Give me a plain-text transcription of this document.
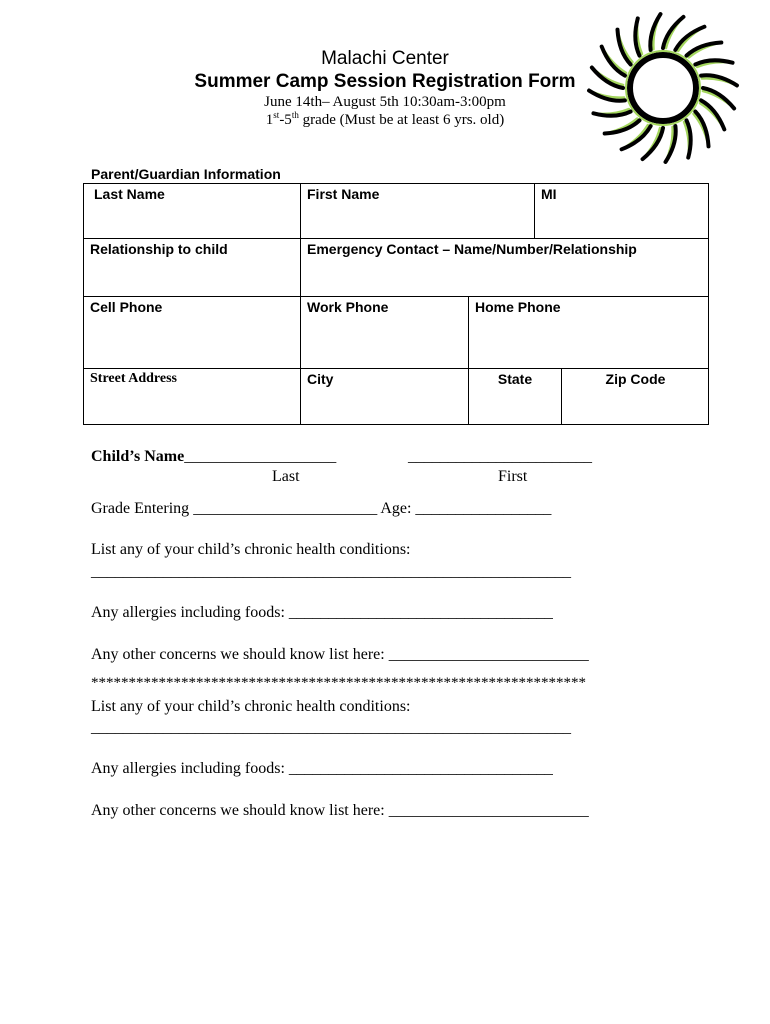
Malachi Center
Summer Camp Session Registration Form
June 14th– August 5th 10:30am-3:00pm
1st-5th grade (Must be at least 6 yrs. old)
Parent/Guardian Information
Last Name	First Name	MI
Relationship to child	Emergency Contact – Name/Number/Relationship
Cell Phone	Work Phone	Home Phone
Street Address	City	State	Zip Code
Child’s Name___________________	_______________________
Last	First
Grade Entering _______________________ Age: _________________
List any of your child’s chronic health conditions:
____________________________________________________________
Any allergies including foods: _________________________________
Any other concerns we should know list here: _________________________
******************************************************************
List any of your child’s chronic health conditions:
____________________________________________________________
Any allergies including foods: _________________________________
Any other concerns we should know list here: _________________________
